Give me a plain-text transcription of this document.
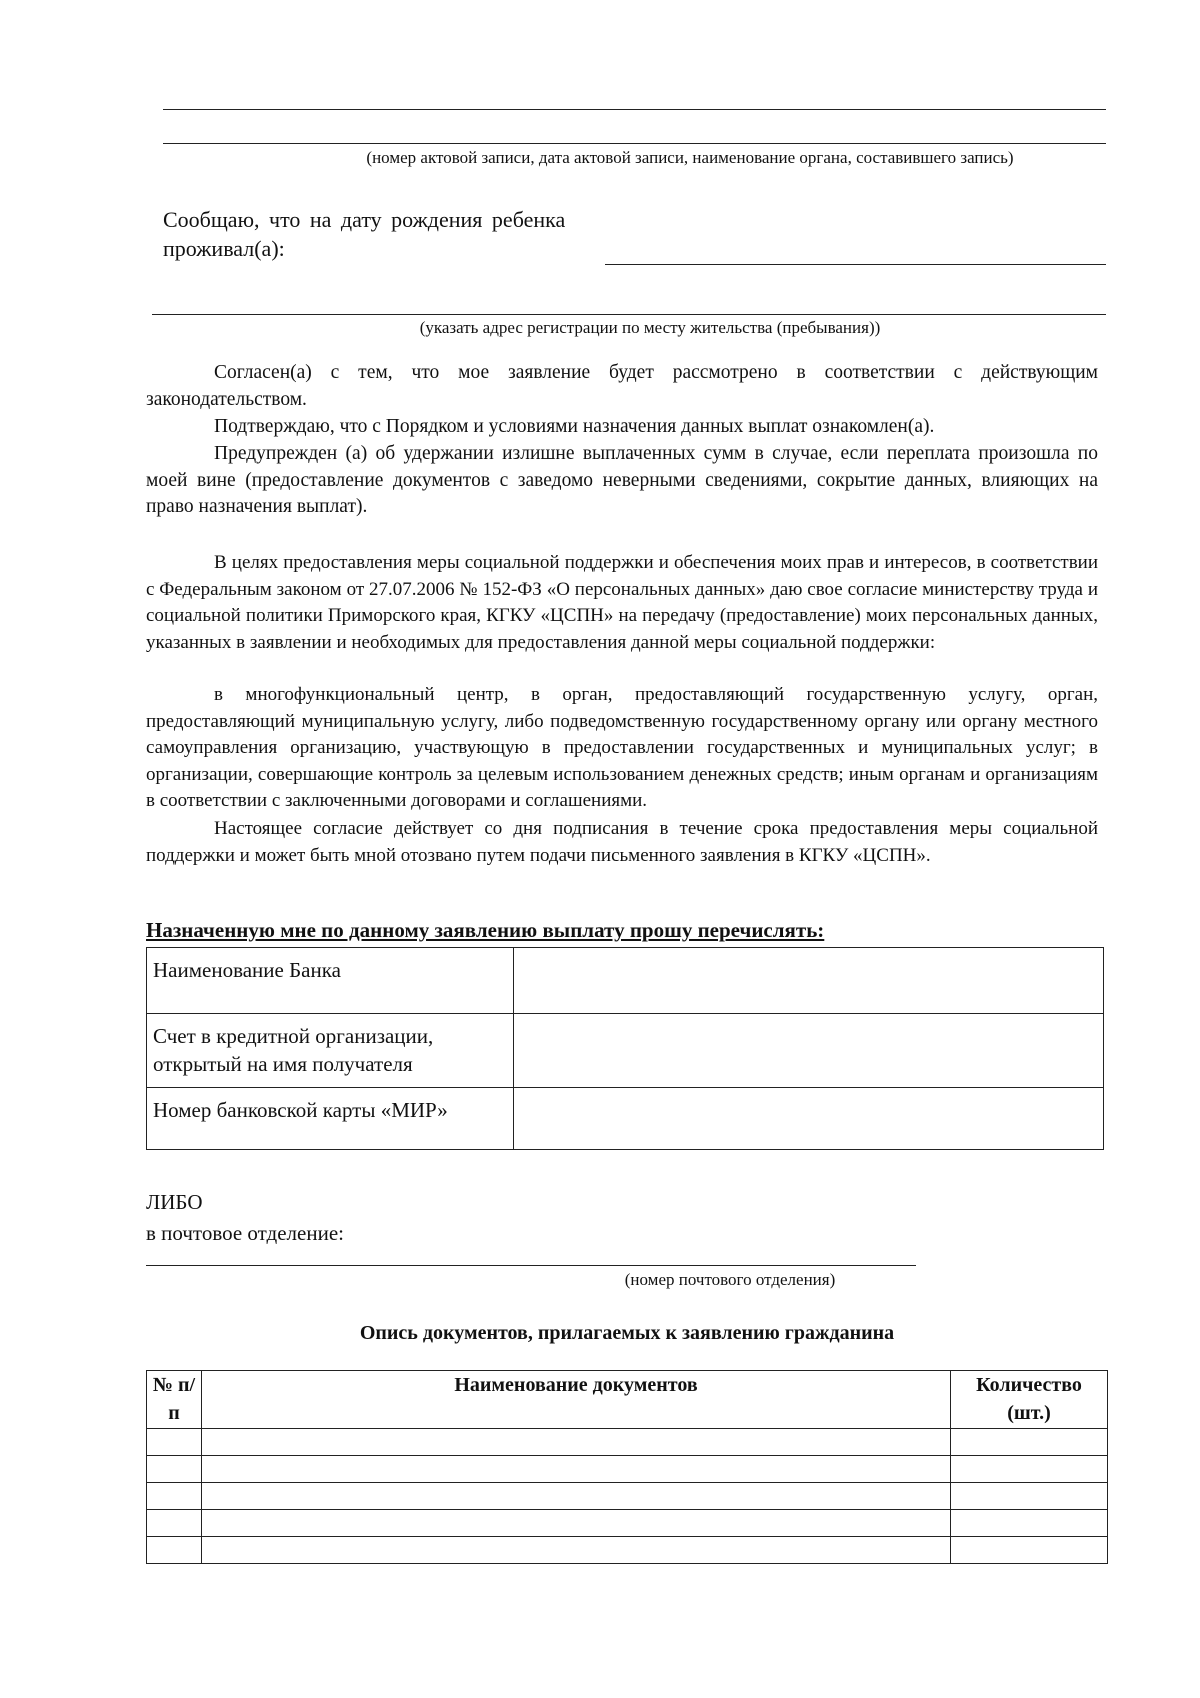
(номер актовой записи, дата актовой записи, наименование органа, составившего запись)
Сообщаю, что на дату рождения ребенка
проживал(а):
(указать адрес регистрации по месту жительства (пребывания))
Согласен(а) с тем, что мое заявление будет рассмотрено в соответствии с действующим законодательством.
Подтверждаю, что с Порядком и условиями назначения данных выплат ознакомлен(а).
Предупрежден (а) об удержании излишне выплаченных сумм в случае, если переплата произошла по моей вине (предоставление документов с заведомо неверными сведениями, сокрытие данных, влияющих на право назначения выплат).
В целях предоставления меры социальной поддержки и обеспечения моих прав и интересов, в соответствии с Федеральным законом от 27.07.2006 № 152-ФЗ «О персональных данных» даю свое согласие министерству труда и социальной политики Приморского края, КГКУ «ЦСПН» на передачу (предоставление) моих персональных данных, указанных в заявлении и необходимых для предоставления данной меры социальной поддержки:
в многофункциональный центр, в орган, предоставляющий государственную услугу, орган, предоставляющий муниципальную услугу, либо подведомственную государственному органу или органу местного самоуправления организацию, участвующую в предоставлении государственных и муниципальных услуг; в организации, совершающие контроль за целевым использованием денежных средств; иным органам и организациям в соответствии с заключенными договорами и соглашениями.
Настоящее согласие действует со дня подписания в течение срока предоставления меры социальной поддержки и может быть мной отозвано путем подачи письменного заявления в КГКУ «ЦСПН».
Назначенную мне по данному заявлению выплату прошу перечислять:
Наименование Банка	
Счет в кредитной организации, открытый на имя получателя	
Номер банковской карты «МИР»	
ЛИБО
в почтовое отделение:
(номер почтового отделения)
Опись документов, прилагаемых к заявлению гражданина
№ п/п	Наименование документов	Количество (шт.)
